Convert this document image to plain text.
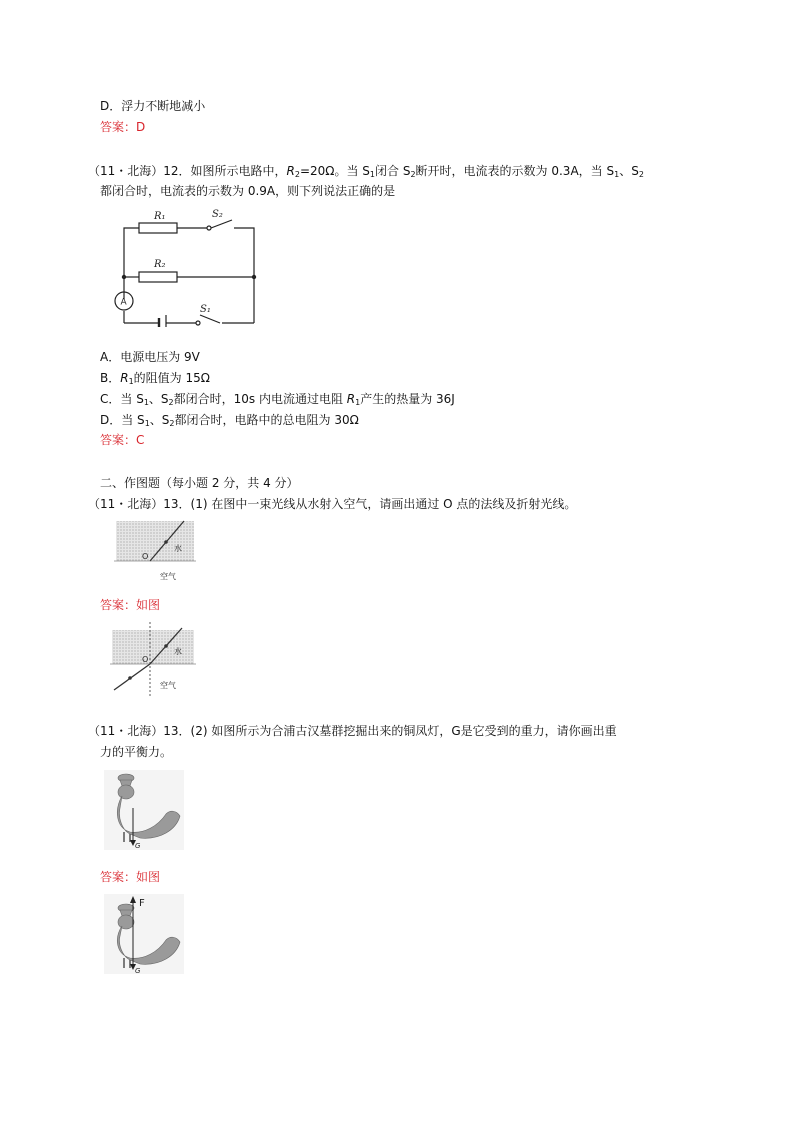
D．浮力不断地减小
答案：D
（11・北海）12．如图所示电路中，$R_2=20\Omega$。当 $S_1$闭合 $S_2$断开时，电流表的示数为 0.3A，当 $S_1$、$S_2$
都闭合时，电流表的示数为 0.9A，则下列说法正确的是
R₁	S₂
R₂
A
S₁
A．电源电压为 9V
B．$R_1$的阻值为 15Ω
C．当 $S_1$、$S_2$都闭合时，10s 内电流通过电阻 $R_1$产生的热量为 36J
D．当 $S_1$、$S_2$都闭合时，电路中的总电阻为 30Ω
答案：C
二、作图题（每小题 2 分，共 4 分）
（11・北海）13．(1) 在图中一束光线从水射入空气，请画出通过 O 点的法线及折射光线。
O
水
空气
答案：如图
O
水
空气
（11・北海）13．(2) 如图所示为合浦古汉墓群挖掘出来的铜凤灯，G是它受到的重力，请你画出重
力的平衡力。
G
答案：如图
F
G
